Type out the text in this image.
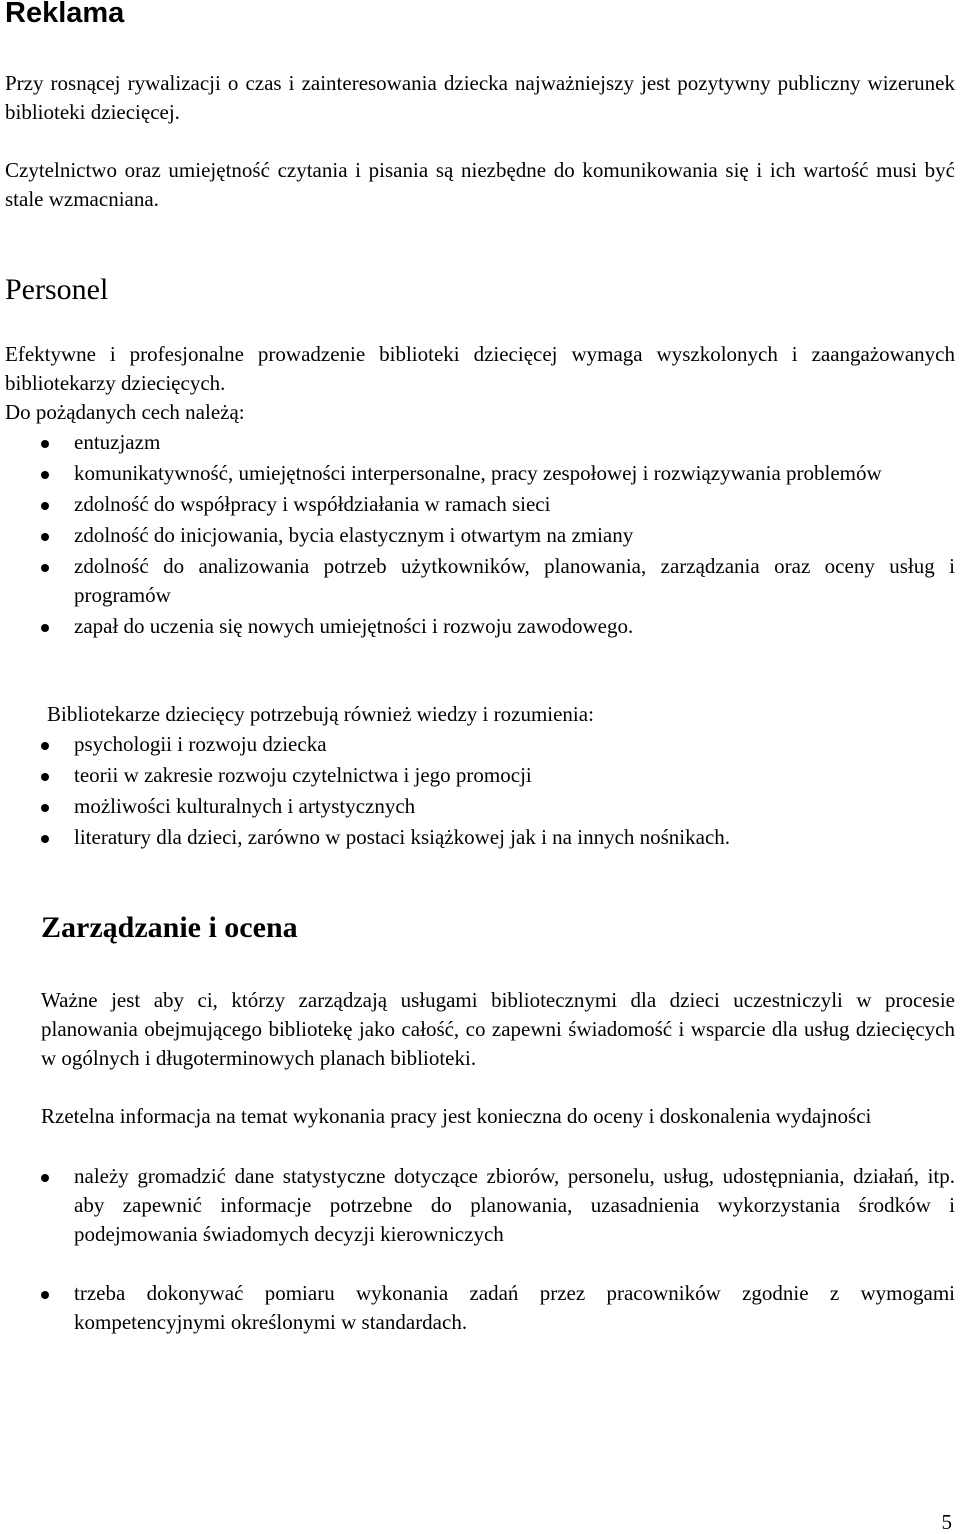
Reklama
Przy rosnącej rywalizacji o czas i zainteresowania dziecka najważniejszy jest pozytywny publiczny wizerunek biblioteki dziecięcej.
Czytelnictwo oraz umiejętność czytania i pisania są niezbędne do komunikowania się i ich wartość musi być stale wzmacniana.
Personel
Efektywne i profesjonalne prowadzenie biblioteki dziecięcej wymaga wyszkolonych i zaangażowanych bibliotekarzy dziecięcych.
Do pożądanych cech należą:
entuzjazm
komunikatywność, umiejętności interpersonalne, pracy zespołowej i rozwiązywania problemów
zdolność do współpracy i współdziałania w ramach sieci
zdolność do inicjowania, bycia elastycznym i otwartym na zmiany
zdolność do analizowania potrzeb użytkowników, planowania, zarządzania oraz oceny usług i programów
zapał do uczenia się nowych umiejętności i rozwoju zawodowego.
Bibliotekarze dziecięcy potrzebują również wiedzy i rozumienia:
psychologii i rozwoju dziecka
teorii w zakresie rozwoju czytelnictwa i jego promocji
możliwości kulturalnych i artystycznych
literatury dla dzieci, zarówno w postaci książkowej jak i na innych nośnikach.
Zarządzanie i ocena
Ważne jest aby ci, którzy zarządzają usługami bibliotecznymi dla dzieci uczestniczyli w procesie planowania obejmującego bibliotekę jako całość, co zapewni świadomość i wsparcie dla usług dziecięcych w ogólnych i długoterminowych planach biblioteki.
Rzetelna informacja na temat wykonania pracy jest konieczna do oceny i doskonalenia wydajności
należy gromadzić dane statystyczne dotyczące zbiorów, personelu, usług, udostępniania, działań, itp. aby zapewnić informacje potrzebne do planowania, uzasadnienia wykorzystania środków i podejmowania świadomych decyzji kierowniczych
trzeba dokonywać pomiaru wykonania zadań przez pracowników zgodnie z wymogami kompetencyjnymi określonymi w standardach.
5
